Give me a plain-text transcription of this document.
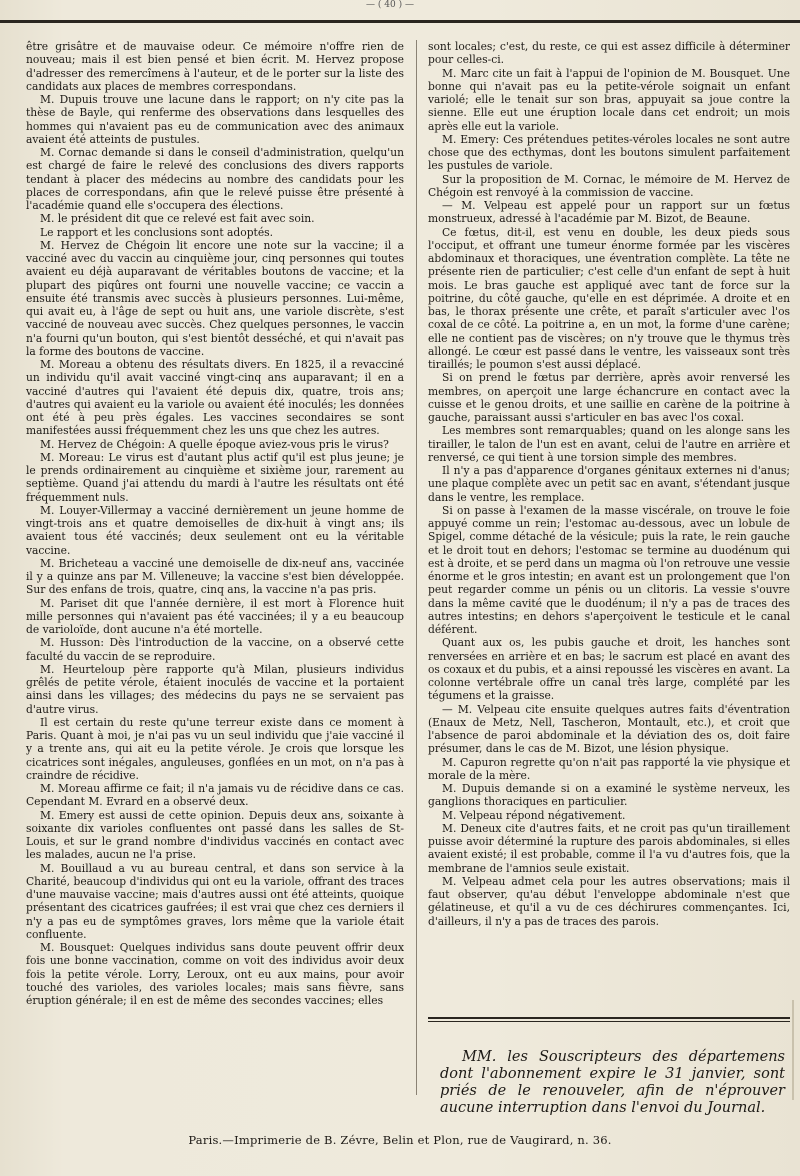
— ( 40 ) —

être grisâtre et de mauvaise odeur. Ce mémoire n'offre rien de nouveau; mais il est bien pensé et bien écrit. M. Hervez propose d'adresser des remercîmens à l'auteur, et de le porter sur la liste des candidats aux places de membres correspondans.

M. Dupuis trouve une lacune dans le rapport; on n'y cite pas la thèse de Bayle, qui renferme des observations dans lesquelles des hommes qui n'avaient pas eu de communication avec des animaux avaient été atteints de pustules.

M. Cornac demande si dans le conseil d'administration, quelqu'un est chargé de faire le relevé des conclusions des divers rapports tendant à placer des médecins au nombre des candidats pour les places de correspondans, afin que le relevé puisse être présenté à l'académie quand elle s'occupera des élections.

M. le président dit que ce relevé est fait avec soin.

Le rapport et les conclusions sont adoptés.

M. Hervez de Chégoin lit encore une note sur la vaccine; il a vacciné avec du vaccin au cinquième jour, cinq personnes qui toutes avaient eu déjà auparavant de véritables boutons de vaccine; et la plupart des piqûres ont fourni une nouvelle vaccine; ce vaccin a ensuite été transmis avec succès à plusieurs personnes. Lui-même, qui avait eu, à l'âge de sept ou huit ans, une variole discrète, s'est vacciné de nouveau avec succès. Chez quelques personnes, le vaccin n'a fourni qu'un bouton, qui s'est bientôt desséché, et qui n'avait pas la forme des boutons de vaccine.

M. Moreau a obtenu des résultats divers. En 1825, il a revacciné un individu qu'il avait vacciné vingt-cinq ans auparavant; il en a vacciné d'autres qui l'avaient été depuis dix, quatre, trois ans; d'autres qui avaient eu la variole ou avaient été inoculés; les données ont été à peu près égales. Les vaccines secondaires se sont manifestées aussi fréquemment chez les uns que chez les autres.

M. Hervez de Chégoin: A quelle époque aviez-vous pris le virus?

M. Moreau: Le virus est d'autant plus actif qu'il est plus jeune; je le prends ordinairement au cinquième et sixième jour, rarement au septième. Quand j'ai attendu du mardi à l'autre les résultats ont été fréquemment nuls.

M. Louyer-Villermay a vacciné dernièrement un jeune homme de vingt-trois ans et quatre demoiselles de dix-huit à vingt ans; ils avaient tous été vaccinés; deux seulement ont eu la véritable vaccine.

M. Bricheteau a vacciné une demoiselle de dix-neuf ans, vaccinée il y a quinze ans par M. Villeneuve; la vaccine s'est bien développée. Sur des enfans de trois, quatre, cinq ans, la vaccine n'a pas pris.

M. Pariset dit que l'année dernière, il est mort à Florence huit mille personnes qui n'avaient pas été vaccinées; il y a eu beaucoup de varioloïde, dont aucune n'a été mortelle.

M. Husson: Dès l'introduction de la vaccine, on a observé cette faculté du vaccin de se reproduire.

M. Heurteloup père rapporte qu'à Milan, plusieurs individus grêlés de petite vérole, étaient inoculés de vaccine et la portaient ainsi dans les villages; des médecins du pays ne se servaient pas d'autre virus.

Il est certain du reste qu'une terreur existe dans ce moment à Paris. Quant à moi, je n'ai pas vu un seul individu que j'aie vacciné il y a trente ans, qui ait eu la petite vérole. Je crois que lorsque les cicatrices sont inégales, anguleuses, gonflées en un mot, on n'a pas à craindre de récidive.

M. Moreau affirme ce fait; il n'a jamais vu de récidive dans ce cas. Cependant M. Evrard en a observé deux.

M. Emery est aussi de cette opinion. Depuis deux ans, soixante à soixante dix varioles confluentes ont passé dans les salles de St-Louis, et sur le grand nombre d'individus vaccinés en contact avec les malades, aucun ne l'a prise.

M. Bouillaud a vu au bureau central, et dans son service à la Charité, beaucoup d'individus qui ont eu la variole, offrant des traces d'une mauvaise vaccine; mais d'autres aussi ont été atteints, quoique présentant des cicatrices gaufrées; il est vrai que chez ces derniers il n'y a pas eu de symptômes graves, lors même que la variole était confluente.

M. Bousquet: Quelques individus sans doute peuvent offrir deux fois une bonne vaccination, comme on voit des individus avoir deux fois la petite vérole. Lorry, Leroux, ont eu aux mains, pour avoir touché des varioles, des varioles locales; mais sans fièvre, sans éruption générale; il en est de même des secondes vaccines; elles

sont locales; c'est, du reste, ce qui est assez difficile à déterminer pour celles-ci.

M. Marc cite un fait à l'appui de l'opinion de M. Bousquet. Une bonne qui n'avait pas eu la petite-vérole soignait un enfant variolé; elle le tenait sur son bras, appuyait sa joue contre la sienne. Elle eut une éruption locale dans cet endroit; un mois après elle eut la variole.

M. Emery: Ces prétendues petites-véroles locales ne sont autre chose que des ecthymas, dont les boutons simulent parfaitement les pustules de variole.

Sur la proposition de M. Cornac, le mémoire de M. Hervez de Chégoin est renvoyé à la commission de vaccine.

— M. Velpeau est appelé pour un rapport sur un fœtus monstrueux, adressé à l'académie par M. Bizot, de Beaune.

Ce fœtus, dit-il, est venu en double, les deux pieds sous l'occiput, et offrant une tumeur énorme formée par les viscères abdominaux et thoraciques, une éventration complète. La tête ne présente rien de particulier; c'est celle d'un enfant de sept à huit mois. Le bras gauche est appliqué avec tant de force sur la poitrine, du côté gauche, qu'elle en est déprimée. A droite et en bas, le thorax présente une crête, et paraît s'articuler avec l'os coxal de ce côté. La poitrine a, en un mot, la forme d'une carène; elle ne contient pas de viscères; on n'y trouve que le thymus très allongé. Le cœur est passé dans le ventre, les vaisseaux sont très tiraillés; le poumon s'est aussi déplacé.

Si on prend le fœtus par derrière, après avoir renversé les membres, on aperçoit une large échancrure en contact avec la cuisse et le genou droits, et une saillie en carène de la poitrine à gauche, paraissant aussi s'articuler en bas avec l'os coxal.

Les membres sont remarquables; quand on les alonge sans les tirailler, le talon de l'un est en avant, celui de l'autre en arrière et renversé, ce qui tient à une torsion simple des membres.

Il n'y a pas d'apparence d'organes génitaux externes ni d'anus; une plaque complète avec un petit sac en avant, s'étendant jusque dans le ventre, les remplace.

Si on passe à l'examen de la masse viscérale, on trouve le foie appuyé comme un rein; l'estomac au-dessous, avec un lobule de Spigel, comme détaché de la vésicule; puis la rate, le rein gauche et le droit tout en dehors; l'estomac se termine au duodénum qui est à droite, et se perd dans un magma où l'on retrouve une vessie énorme et le gros intestin; en avant est un prolongement que l'on peut regarder comme un pénis ou un clitoris. La vessie s'ouvre dans la même cavité que le duodénum; il n'y a pas de traces des autres intestins; en dehors s'aperçoivent le testicule et le canal déférent.

Quant aux os, les pubis gauche et droit, les hanches sont renversées en arrière et en bas; le sacrum est placé en avant des os coxaux et du pubis, et a ainsi repoussé les viscères en avant. La colonne vertébrale offre un canal très large, complété par les tégumens et la graisse.

— M. Velpeau cite ensuite quelques autres faits d'éventration (Enaux de Metz, Nell, Tascheron, Montault, etc.), et croit que l'absence de paroi abdominale et la déviation des os, doit faire présumer, dans le cas de M. Bizot, une lésion physique.

M. Capuron regrette qu'on n'ait pas rapporté la vie physique et morale de la mère.

M. Dupuis demande si on a examiné le système nerveux, les ganglions thoraciques en particulier.

M. Velpeau répond négativement.

M. Deneux cite d'autres faits, et ne croit pas qu'un tiraillement puisse avoir déterminé la rupture des parois abdominales, si elles avaient existé; il est probable, comme il l'a vu d'autres fois, que la membrane de l'amnios seule existait.

M. Velpeau admet cela pour les autres observations; mais il faut observer, qu'au début l'enveloppe abdominale n'est que gélatineuse, et qu'il a vu de ces déchirures commençantes. Ici, d'ailleurs, il n'y a pas de traces des parois.

MM. les Souscripteurs des départemens dont l'abonnement expire le 31 janvier, sont priés de le renouveler, afin de n'éprouver aucune interruption dans l'envoi du Journal.

Paris.—Imprimerie de B. Zévre, Belin et Plon, rue de Vaugirard, n. 36.
